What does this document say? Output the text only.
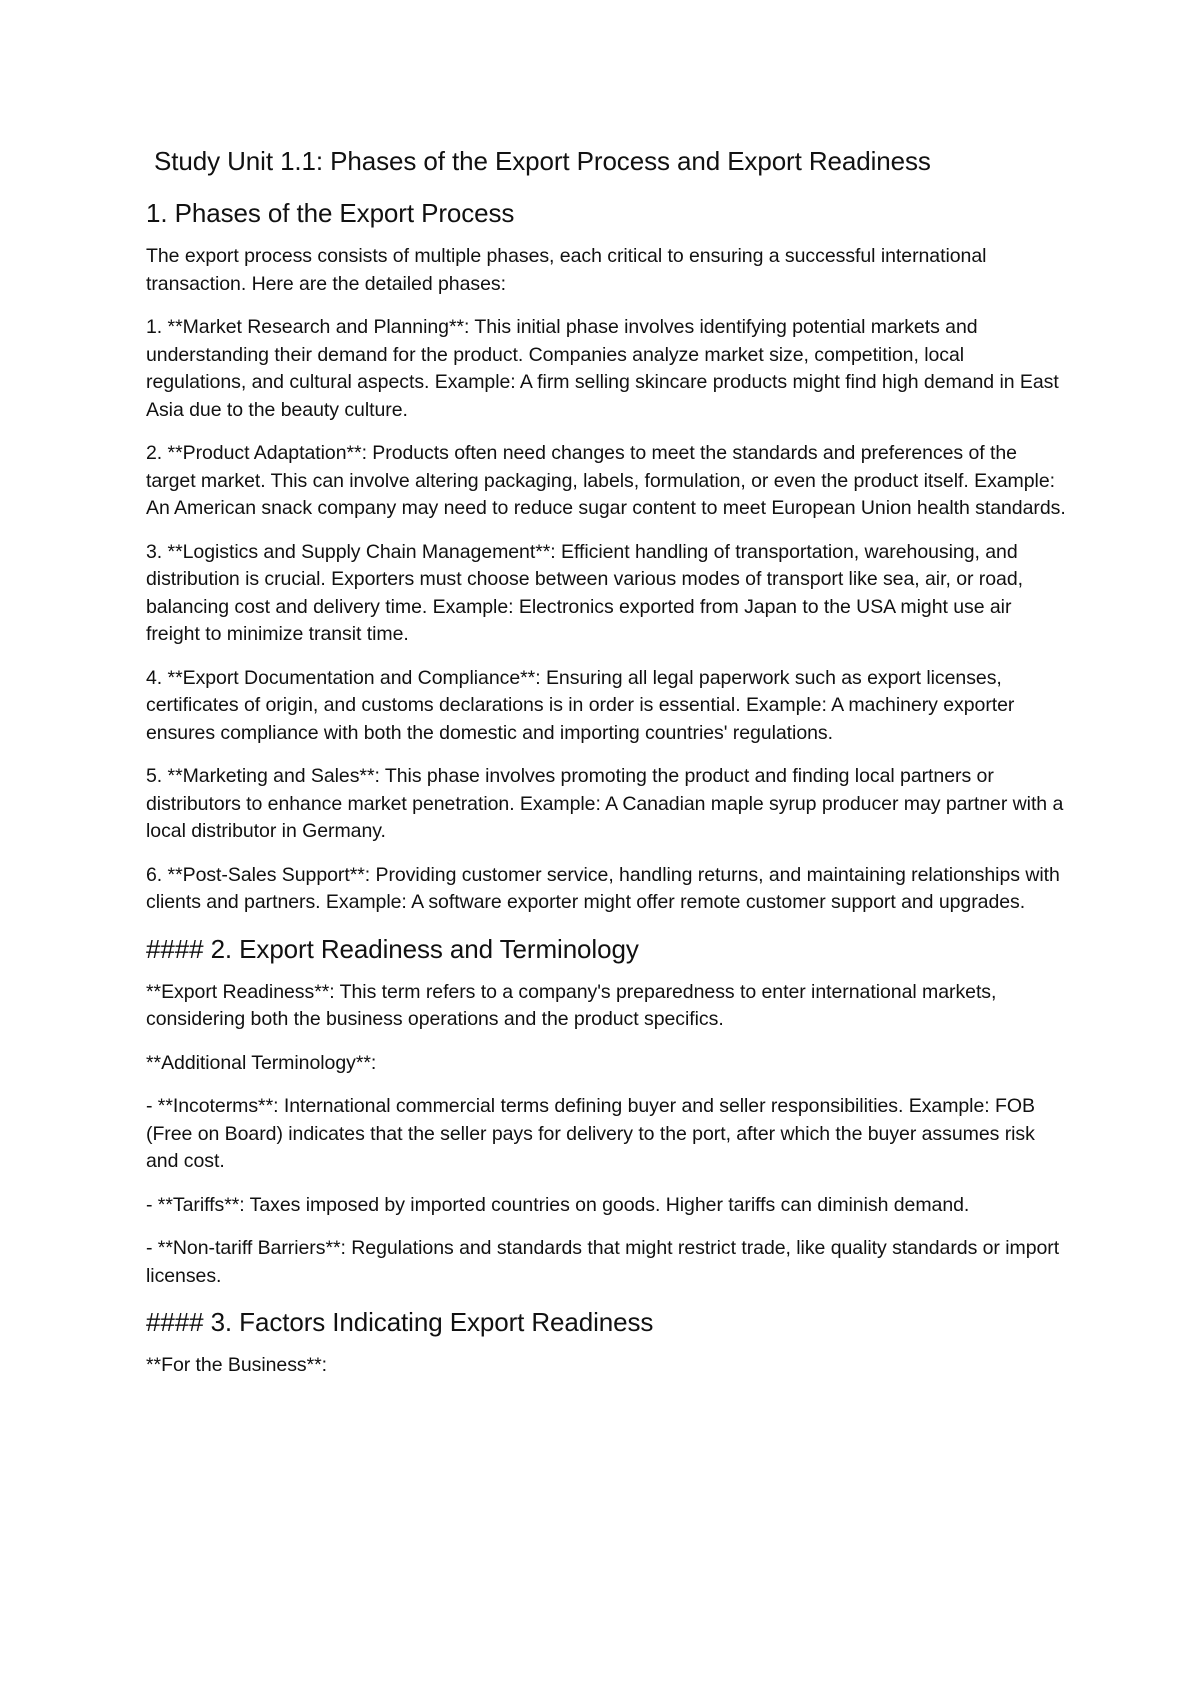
Study Unit 1.1: Phases of the Export Process and Export Readiness
1. Phases of the Export Process

The export process consists of multiple phases, each critical to ensuring a successful international transaction. Here are the detailed phases:

1. **Market Research and Planning**: This initial phase involves identifying potential markets and understanding their demand for the product. Companies analyze market size, competition, local regulations, and cultural aspects. Example: A firm selling skincare products might find high demand in East Asia due to the beauty culture.

2. **Product Adaptation**: Products often need changes to meet the standards and preferences of the target market. This can involve altering packaging, labels, formulation, or even the product itself. Example: An American snack company may need to reduce sugar content to meet European Union health standards.

3. **Logistics and Supply Chain Management**: Efficient handling of transportation, warehousing, and distribution is crucial. Exporters must choose between various modes of transport like sea, air, or road, balancing cost and delivery time. Example: Electronics exported from Japan to the USA might use air freight to minimize transit time.

4. **Export Documentation and Compliance**: Ensuring all legal paperwork such as export licenses, certificates of origin, and customs declarations is in order is essential. Example: A machinery exporter ensures compliance with both the domestic and importing countries' regulations.

5. **Marketing and Sales**: This phase involves promoting the product and finding local partners or distributors to enhance market penetration. Example: A Canadian maple syrup producer may partner with a local distributor in Germany.

6. **Post-Sales Support**: Providing customer service, handling returns, and maintaining relationships with clients and partners. Example: A software exporter might offer remote customer support and upgrades.

#### 2. Export Readiness and Terminology

**Export Readiness**: This term refers to a company's preparedness to enter international markets, considering both the business operations and the product specifics.

**Additional Terminology**:

- **Incoterms**: International commercial terms defining buyer and seller responsibilities. Example: FOB (Free on Board) indicates that the seller pays for delivery to the port, after which the buyer assumes risk and cost.

- **Tariffs**: Taxes imposed by imported countries on goods. Higher tariffs can diminish demand.

- **Non-tariff Barriers**: Regulations and standards that might restrict trade, like quality standards or import licenses.

#### 3. Factors Indicating Export Readiness

**For the Business**:
